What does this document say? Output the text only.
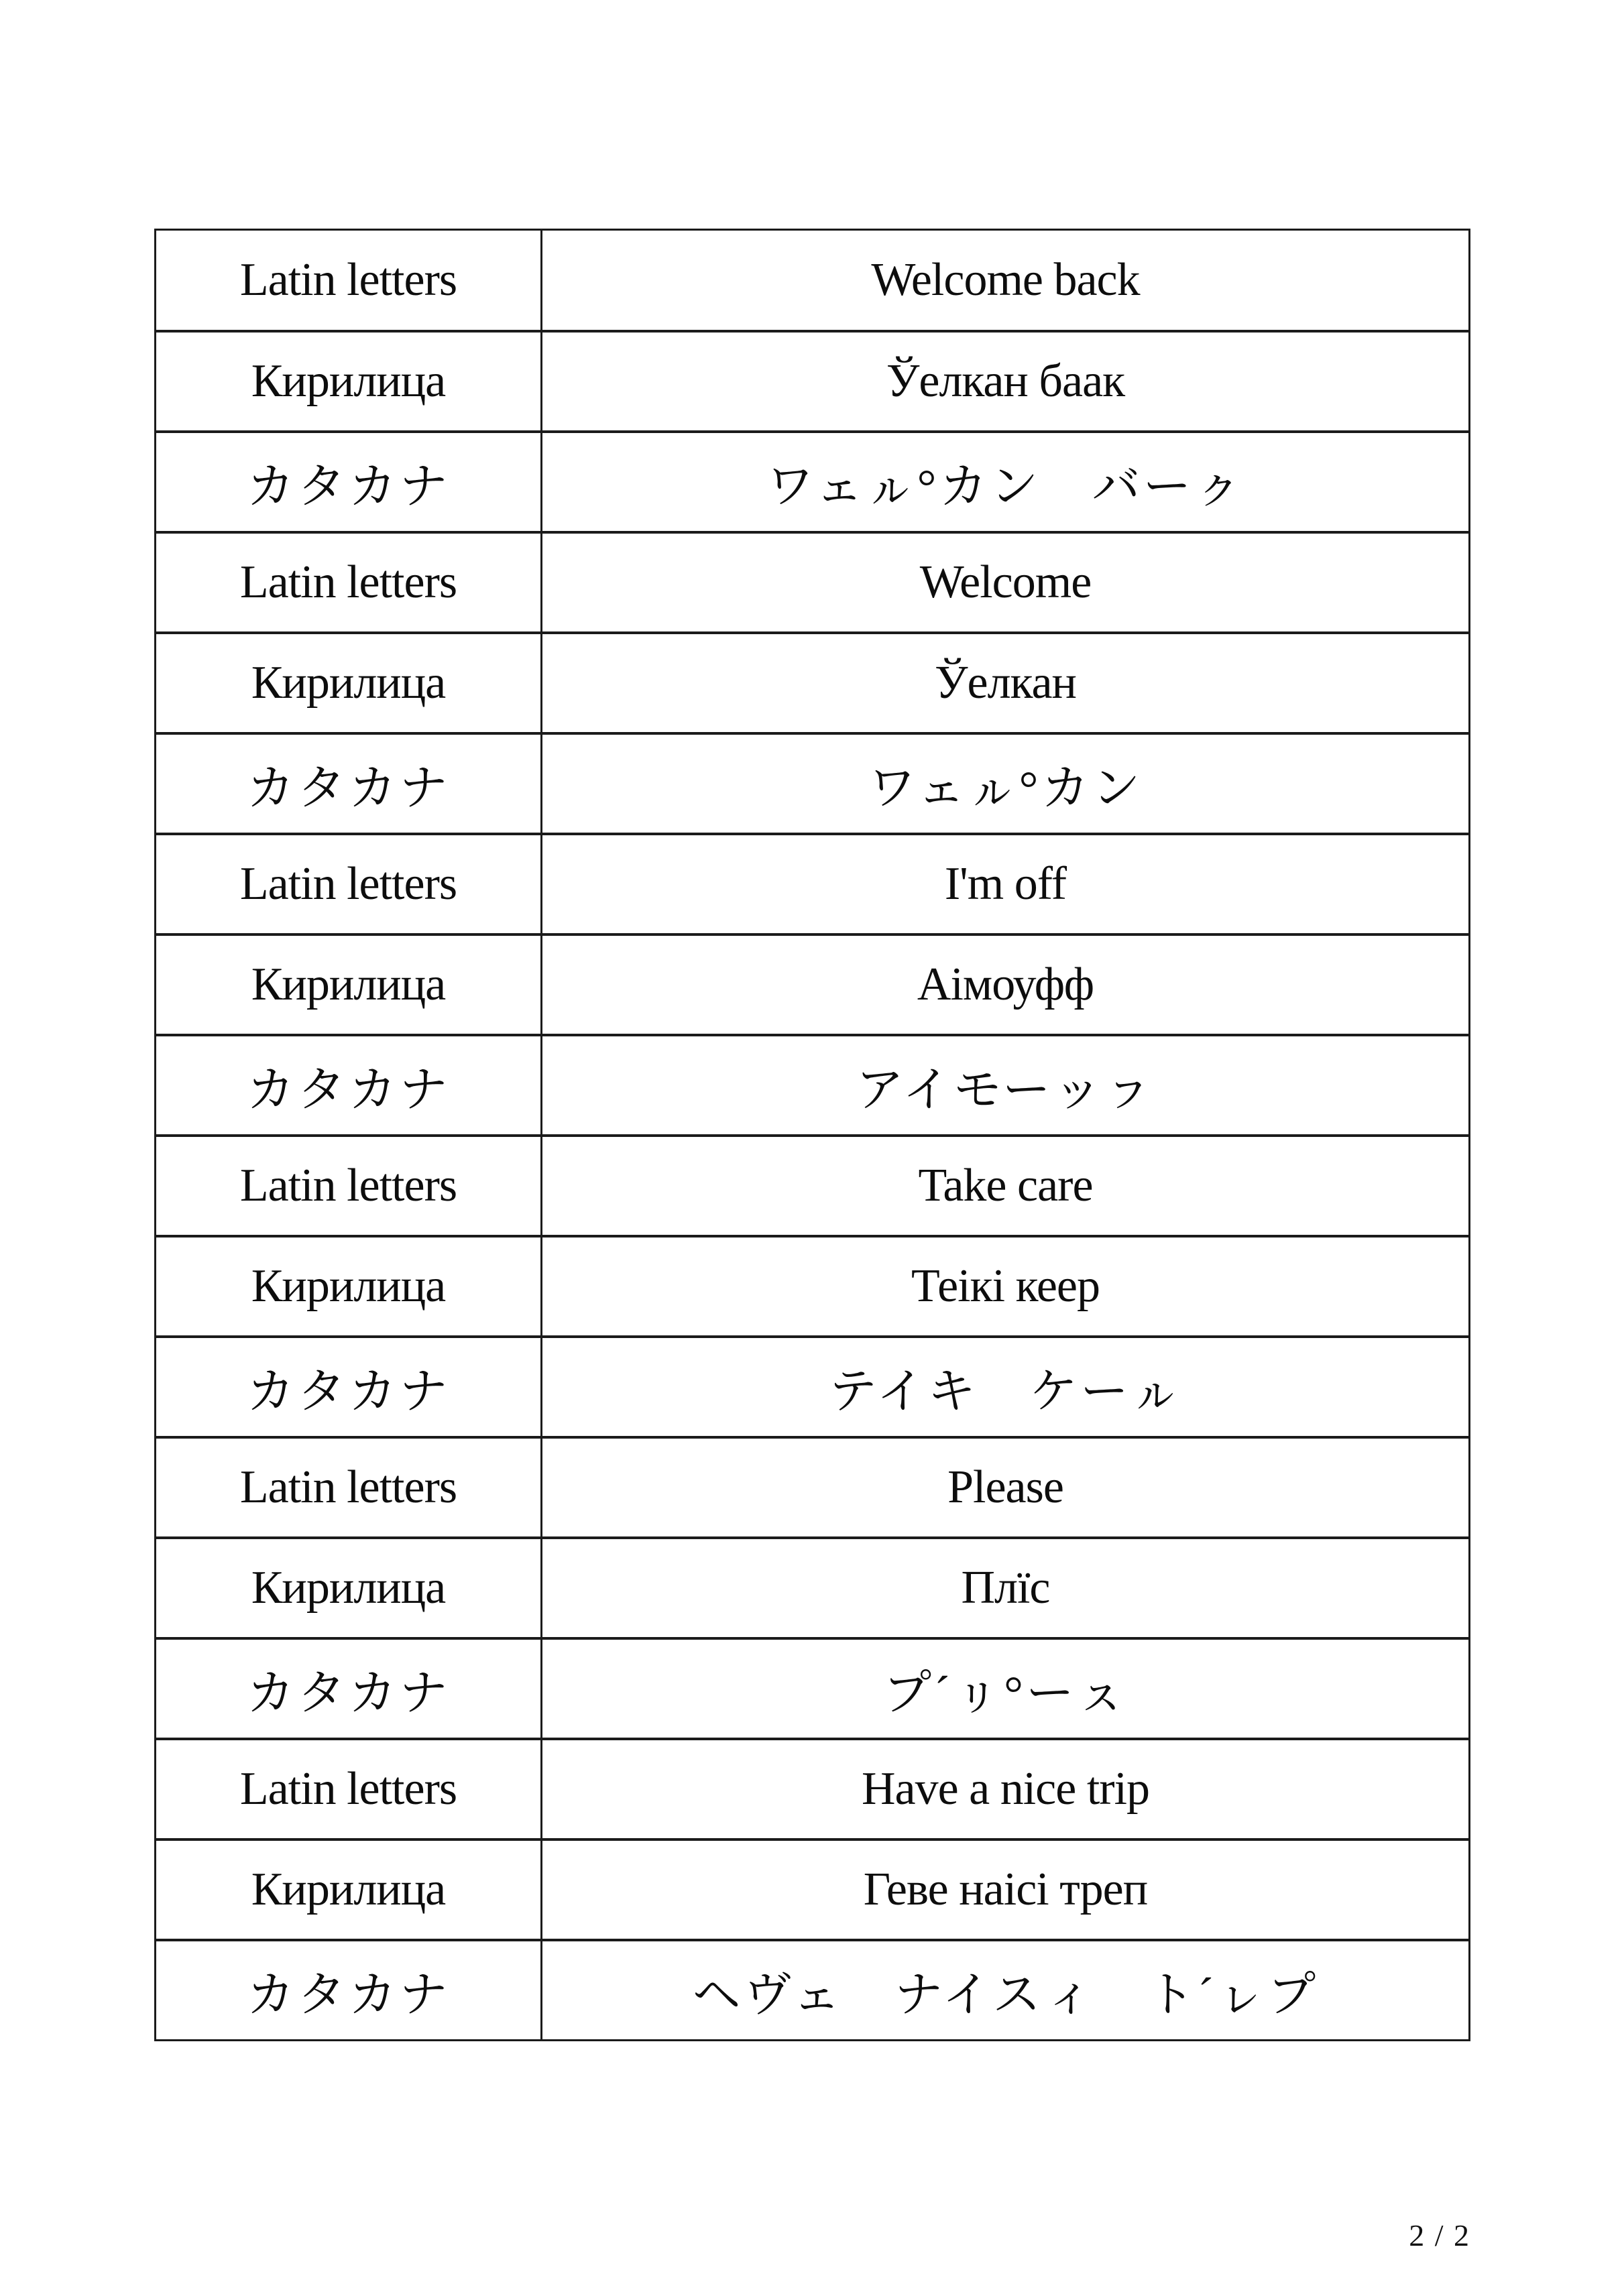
Latin letters	Welcome back
Кирилица	Ўелкан баак
カタカナ	ワェㇽ°カン　バーㇰ
Latin letters	Welcome
Кирилица	Ўелкан
カタカナ	ワェㇽ°カン
Latin letters	I'm off
Кирилица	Аімоуфф
カタカナ	アイモーッㇷ
Latin letters	Take care
Кирилица	Теікі кеер
カタカナ	テイキ　ケーㇽ
Latin letters	Please
Кирилица	Плїс
カタカナ	プ´ㇼ°ーㇲ
Latin letters	Have a nice trip
Кирилица	Геве наісі треп
カタカナ	ヘヴェ　ナイスィ　ト´ㇾプ
2 / 2
